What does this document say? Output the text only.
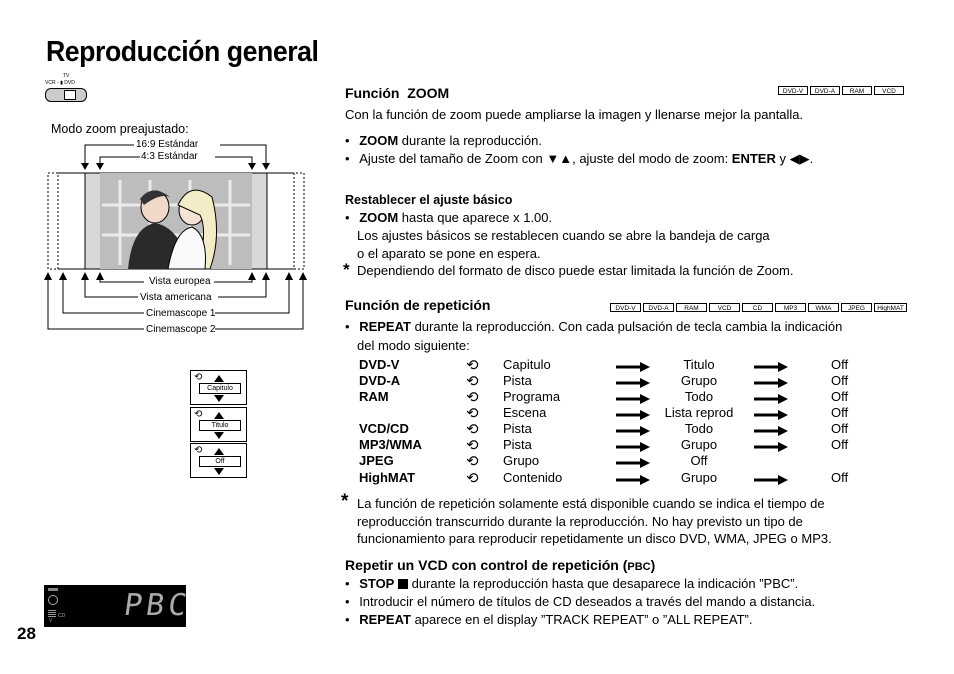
Reproducción general
28
TV
VCR ▫ ▮ DVD
Modo zoom preajustado:
16:9 Estándar
4:3 Estándar
Vista europea
Vista americana
Cinemascope 1
Cinemascope 2
⟲
Capitulo
⟲
Titulo
⟲
Off
CD
V PBC
Función  ZOOM	DVD-V	DVD-A	RAM	VCD
Con la función de zoom puede ampliarse la imagen y llenarse mejor la pantalla.
• ZOOM durante la reproducción.
• Ajuste del tamaño de Zoom con ▼▲, ajuste del modo de zoom: ENTER y ◀▶.
Restablecer el ajuste básico
• ZOOM hasta que aparece x 1.00.
Los ajustes básicos se restablecen cuando se abre la bandeja de carga
o el aparato se pone en espera.
* Dependiendo del formato de disco puede estar limitada la función de Zoom.
Función de repetición	DVD-V	DVD-A	RAM	VCD	CD	MP3	WMA	JPEG	HighMAT
• REPEAT durante la reproducción. Con cada pulsación de tecla cambia la indicación
del modo siguiente:
DVD-V	⟲ Capitulo	Titulo	Off
DVD-A	⟲ Pista	Grupo	Off
RAM	⟲ Programa	Todo	Off
⟲ Escena	Lista reprod	Off
VCD/CD	⟲ Pista	Todo	Off
MP3/WMA	⟲ Pista	Grupo	Off
JPEG	⟲ Grupo	Off
HighMAT	⟲ Contenido	Grupo	Off
* La función de repetición solamente está disponible cuando se indica el tiempo de
reproducción transcurrido durante la reproducción. No hay previsto un tipo de
funcionamiento para reproducir repetidamente un disco DVD, WMA, JPEG o MP3.
Repetir un VCD con control de repetición (PBC)
• STOP  durante la reproducción hasta que desaparece la indicación ”PBC”.
• Introducir el número de títulos de CD deseados a través del mando a distancia.
• REPEAT aparece en el display ”TRACK REPEAT” o ”ALL REPEAT”.
